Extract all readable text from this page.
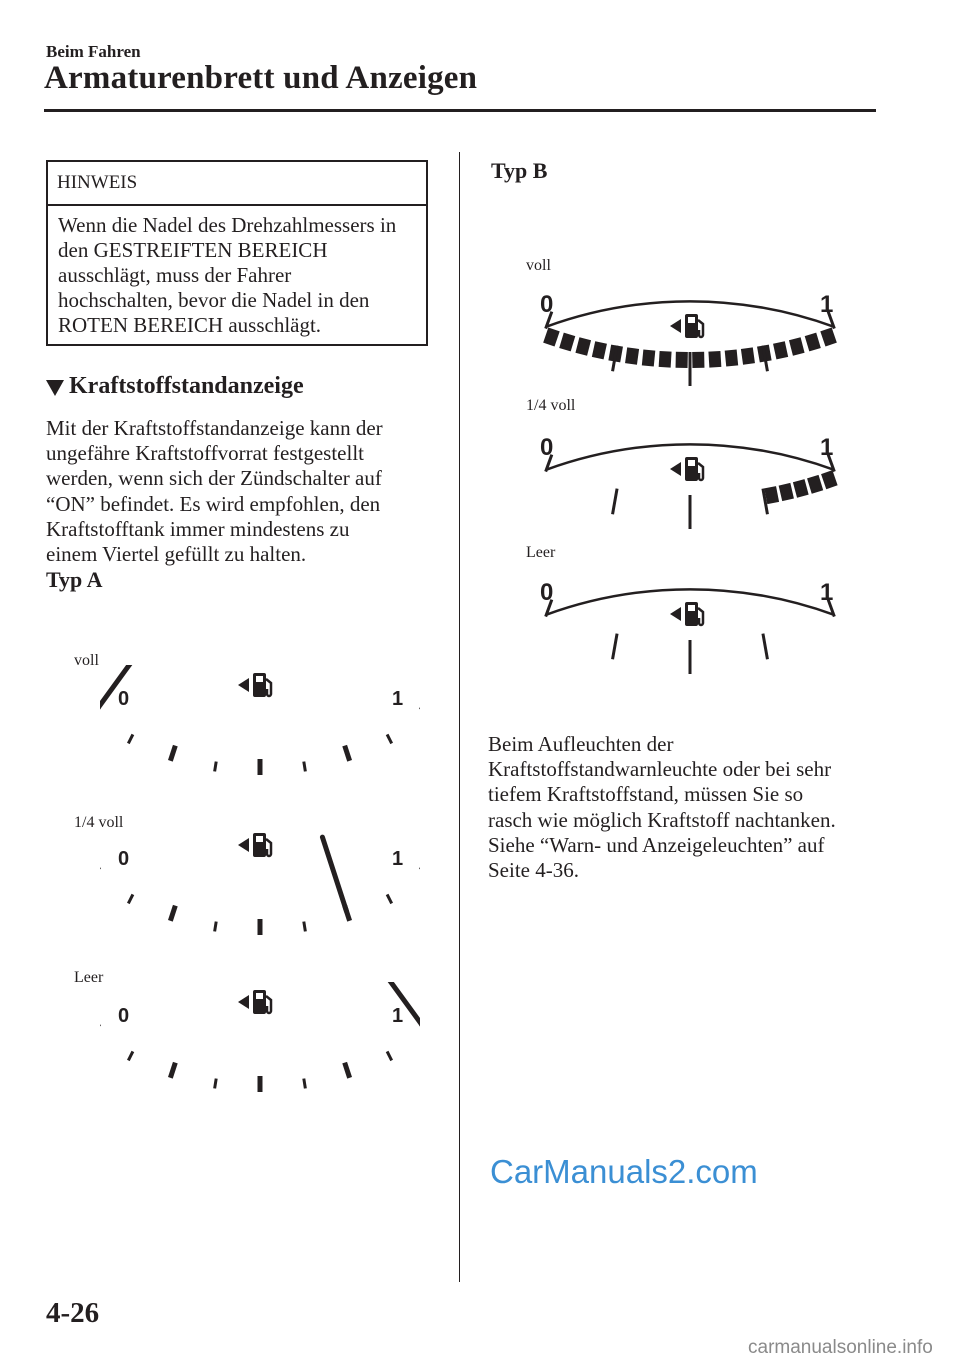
Beim Fahren
Armaturenbrett und Anzeigen
HINWEIS
Wenn die Nadel des Drehzahlmessers in
den GESTREIFTEN BEREICH
ausschlägt, muss der Fahrer
hochschalten, bevor die Nadel in den
ROTEN BEREICH ausschlägt.
Kraftstoffstandanzeige
Mit der Kraftstoffstandanzeige kann der
ungefähre Kraftstoffvorrat festgestellt
werden, wenn sich der Zündschalter auf
“ON” befindet. Es wird empfohlen, den
Kraftstofftank immer mindestens zu
einem Viertel gefüllt zu halten.
Typ A
voll
1/4 voll
Leer
0	1
0	1
0	1
Typ B
voll
1/4 voll
Leer
0	1
0	1
0	1
Beim Aufleuchten der
Kraftstoffstandwarnleuchte oder bei sehr
tiefem Kraftstoffstand, müssen Sie so
rasch wie möglich Kraftstoff nachtanken.
Siehe “Warn- und Anzeigeleuchten” auf
Seite 4-36.
CarManuals2.com
4-26
carmanualsonline.info
